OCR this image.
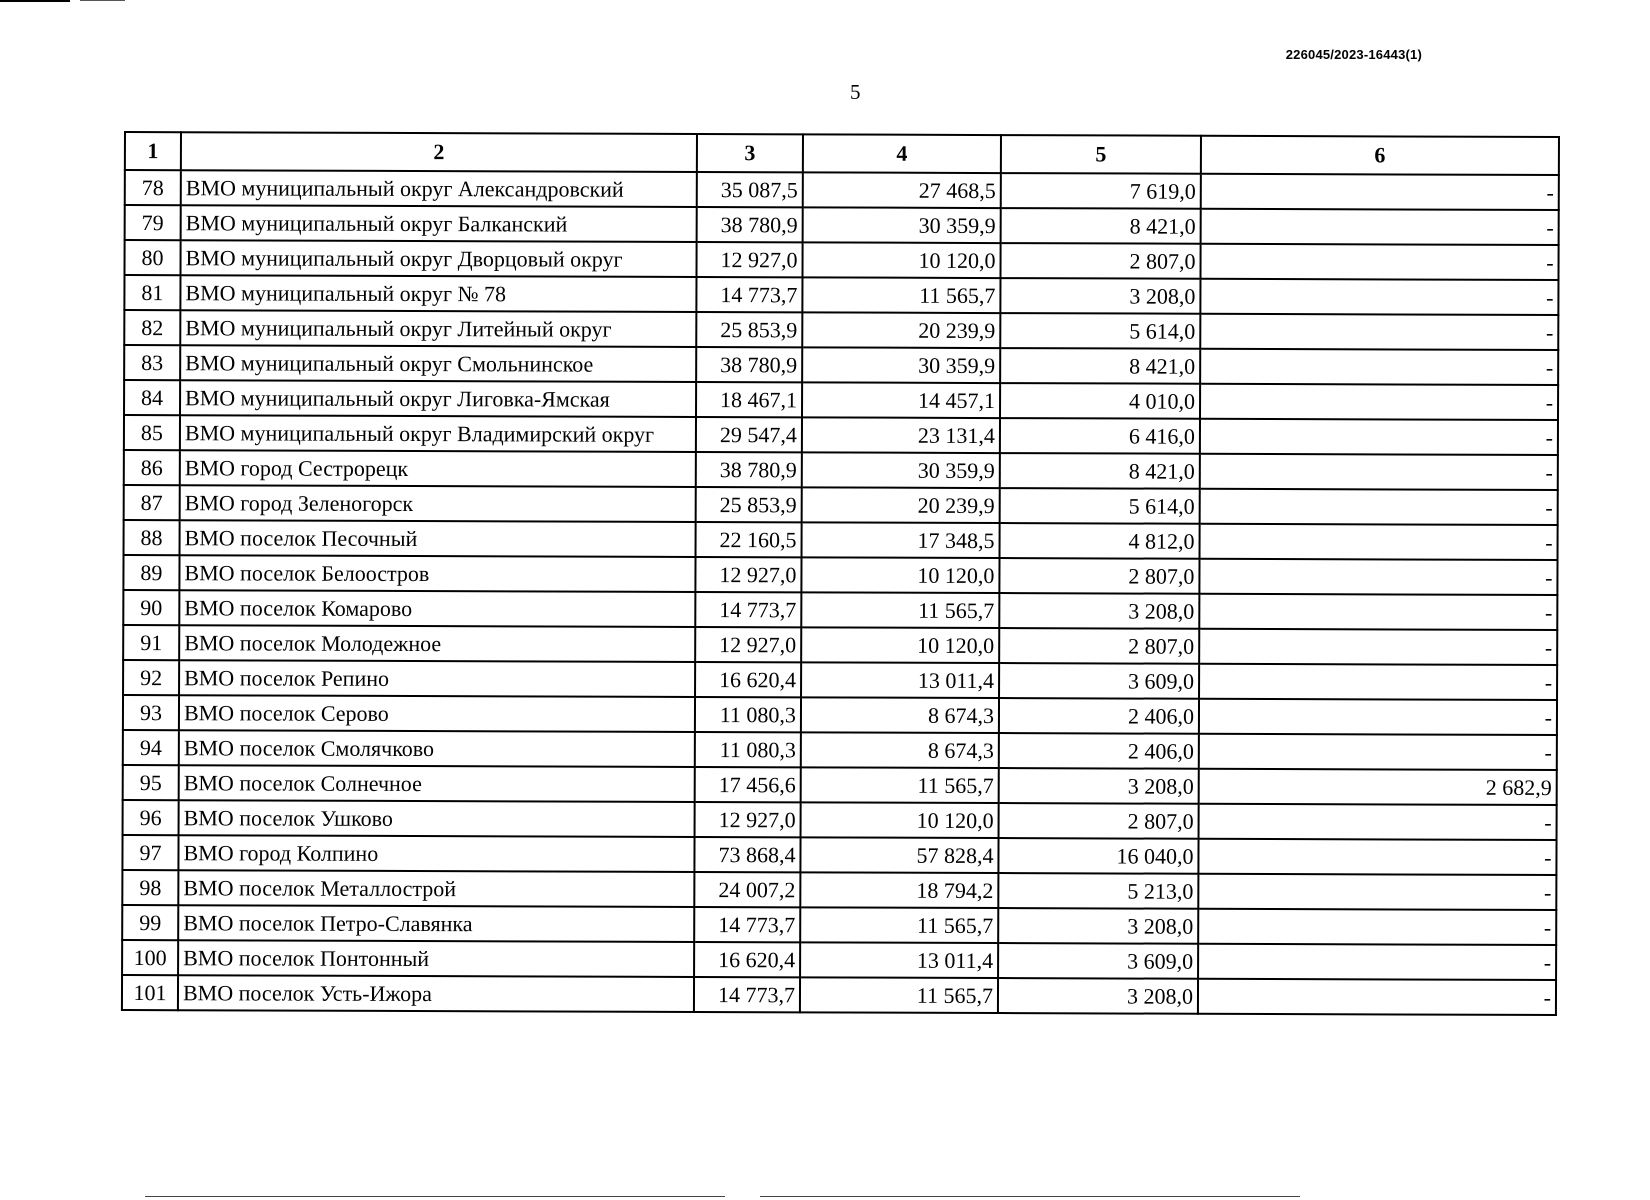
226045/2023-16443(1)
5
1	2	3	4	5	6
78	ВМО муниципальный округ Александровский	35 087,5	27 468,5	7 619,0	-
79	ВМО муниципальный округ Балканский	38 780,9	30 359,9	8 421,0	-
80	ВМО муниципальный округ Дворцовый округ	12 927,0	10 120,0	2 807,0	-
81	ВМО муниципальный округ № 78	14 773,7	11 565,7	3 208,0	-
82	ВМО муниципальный округ Литейный округ	25 853,9	20 239,9	5 614,0	-
83	ВМО муниципальный округ Смольнинское	38 780,9	30 359,9	8 421,0	-
84	ВМО муниципальный округ Лиговка-Ямская	18 467,1	14 457,1	4 010,0	-
85	ВМО муниципальный округ Владимирский округ	29 547,4	23 131,4	6 416,0	-
86	ВМО город Сестрорецк	38 780,9	30 359,9	8 421,0	-
87	ВМО город Зеленогорск	25 853,9	20 239,9	5 614,0	-
88	ВМО поселок Песочный	22 160,5	17 348,5	4 812,0	-
89	ВМО поселок Белоостров	12 927,0	10 120,0	2 807,0	-
90	ВМО поселок Комарово	14 773,7	11 565,7	3 208,0	-
91	ВМО поселок Молодежное	12 927,0	10 120,0	2 807,0	-
92	ВМО поселок Репино	16 620,4	13 011,4	3 609,0	-
93	ВМО поселок Серово	11 080,3	8 674,3	2 406,0	-
94	ВМО поселок Смолячково	11 080,3	8 674,3	2 406,0	-
95	ВМО поселок Солнечное	17 456,6	11 565,7	3 208,0	2 682,9
96	ВМО поселок Ушково	12 927,0	10 120,0	2 807,0	-
97	ВМО город Колпино	73 868,4	57 828,4	16 040,0	-
98	ВМО поселок Металлострой	24 007,2	18 794,2	5 213,0	-
99	ВМО поселок Петро-Славянка	14 773,7	11 565,7	3 208,0	-
100	ВМО поселок Понтонный	16 620,4	13 011,4	3 609,0	-
101	ВМО поселок Усть-Ижора	14 773,7	11 565,7	3 208,0	-
